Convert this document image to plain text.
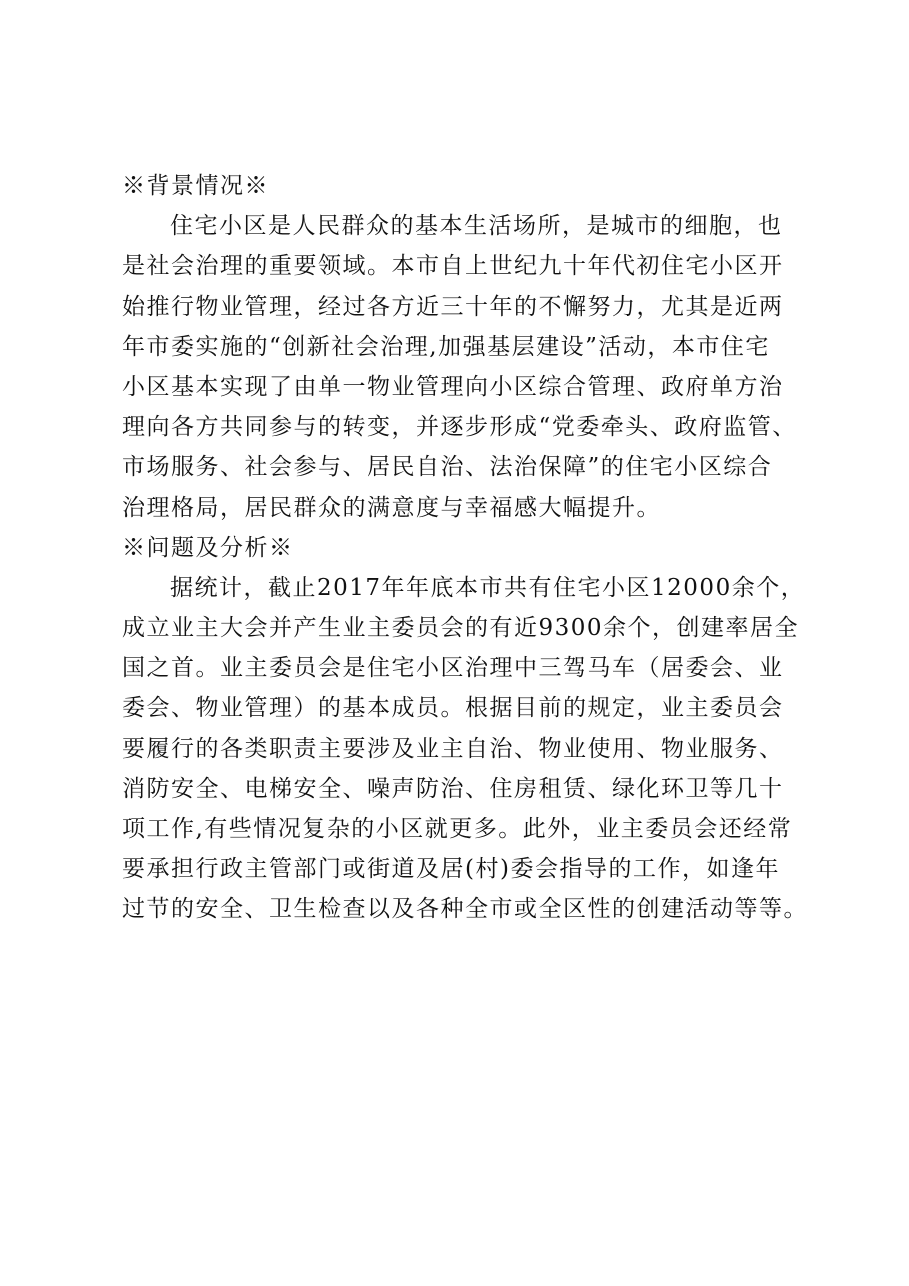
※背景情况※
住宅小区是人民群众的基本生活场所，是城市的细胞，也
是社会治理的重要领域。本市自上世纪九十年代初住宅小区开
始推行物业管理，经过各方近三十年的不懈努力，尤其是近两
年市委实施的“创新社会治理,加强基层建设”活动，本市住宅
小区基本实现了由单一物业管理向小区综合管理、政府单方治
理向各方共同参与的转变，并逐步形成“党委牵头、政府监管、
市场服务、社会参与、居民自治、法治保障”的住宅小区综合
治理格局，居民群众的满意度与幸福感大幅提升。
※问题及分析※
据统计，截止2017年年底本市共有住宅小区12000余个，
成立业主大会并产生业主委员会的有近9300余个，创建率居全
国之首。业主委员会是住宅小区治理中三驾马车（居委会、业
委会、物业管理）的基本成员。根据目前的规定，业主委员会
要履行的各类职责主要涉及业主自治、物业使用、物业服务、
消防安全、电梯安全、噪声防治、住房租赁、绿化环卫等几十
项工作,有些情况复杂的小区就更多。此外，业主委员会还经常
要承担行政主管部门或街道及居(村)委会指导的工作，如逢年
过节的安全、卫生检查以及各种全市或全区性的创建活动等等。
